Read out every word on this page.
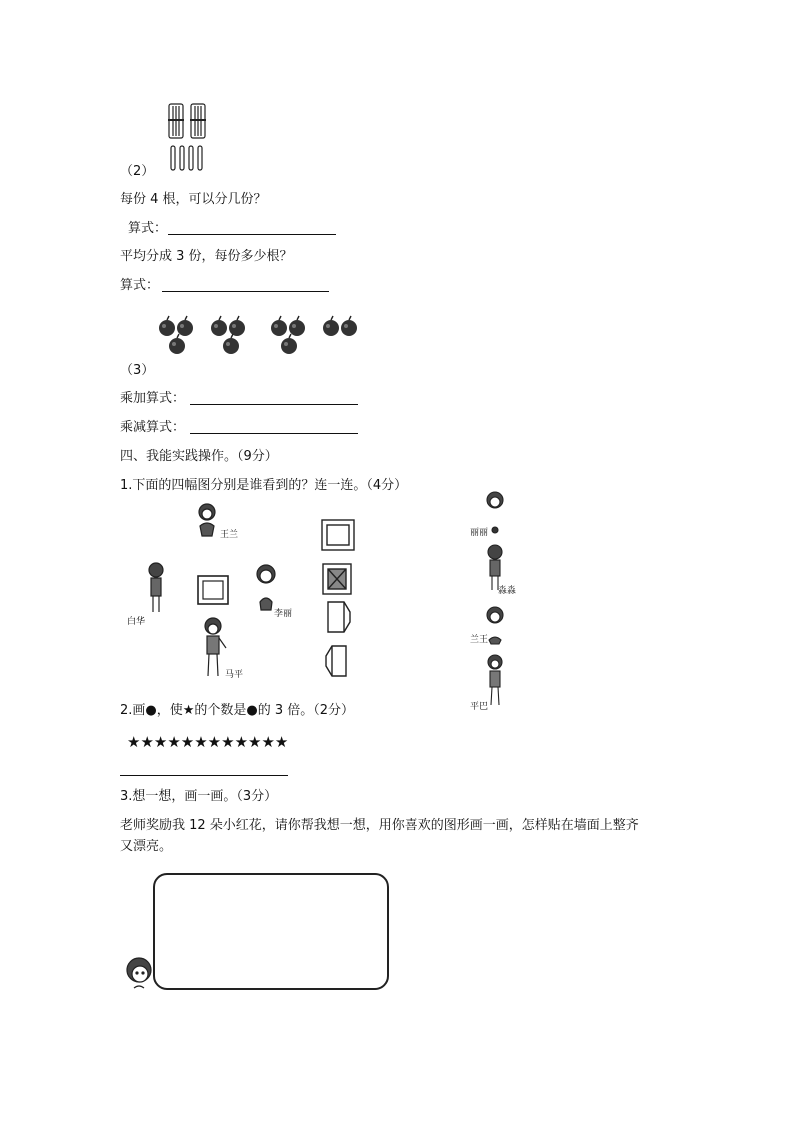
（2）
每份 4 根，可以分几份？
算式：
平均分成 3 份，每份多少根？
算式：
（3）
乘加算式：
乘减算式：
四、我能实践操作。（9分）
1.下面的四幅图分别是谁看到的？连一连。（4分）
王兰
白华
李丽
马平
丽丽
淼淼
兰王
平巴
2.画●，使★的个数是●的 3 倍。（2分）
★★★★★★★★★★★★
3.想一想，画一画。（3分）
老师奖励我 12 朵小红花，请你帮我想一想，用你喜欢的图形画一画，怎样贴在墙面上整齐
又漂亮。
